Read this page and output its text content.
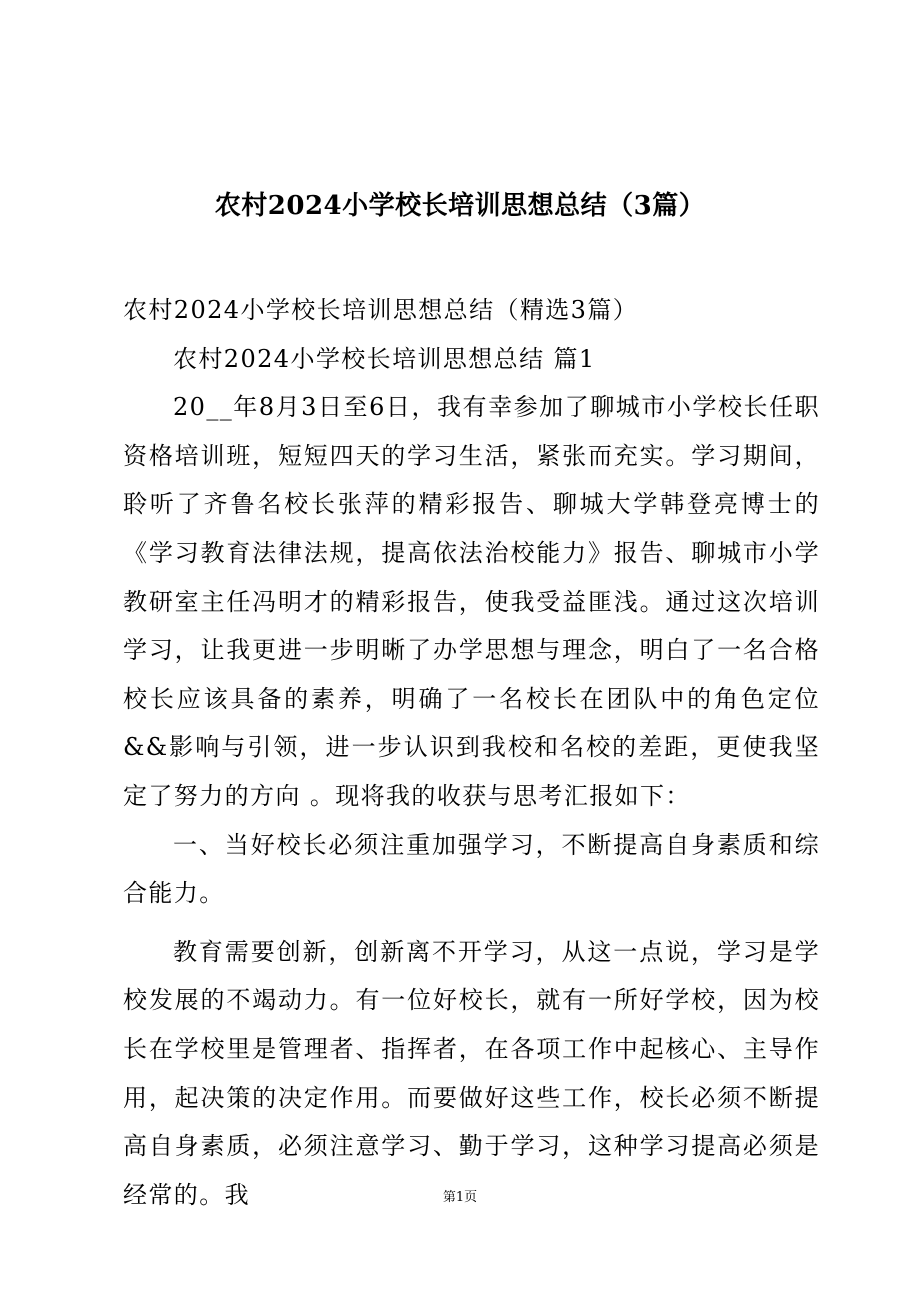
农村2024小学校长培训思想总结（3篇）

农村2024小学校长培训思想总结（精选3篇）

农村2024小学校长培训思想总结 篇1

20__年8月3日至6日，我有幸参加了聊城市小学校长任职资格培训班，短短四天的学习生活，紧张而充实。学习期间，聆听了齐鲁名校长张萍的精彩报告、聊城大学韩登亮博士的《学习教育法律法规，提高依法治校能力》报告、聊城市小学教研室主任冯明才的精彩报告，使我受益匪浅。通过这次培训学习，让我更进一步明晰了办学思想与理念，明白了一名合格校长应该具备的素养，明确了一名校长在团队中的角色定位&&影响与引领，进一步认识到我校和名校的差距，更使我坚定了努力的方向 。现将我的收获与思考汇报如下：

一、当好校长必须注重加强学习，不断提高自身素质和综合能力。

教育需要创新，创新离不开学习，从这一点说，学习是学校发展的不竭动力。有一位好校长，就有一所好学校，因为校长在学校里是管理者、指挥者，在各项工作中起核心、主导作用，起决策的决定作用。而要做好这些工作，校长必须不断提高自身素质，必须注意学习、勤于学习，这种学习提高必须是经常的。我	第1页
